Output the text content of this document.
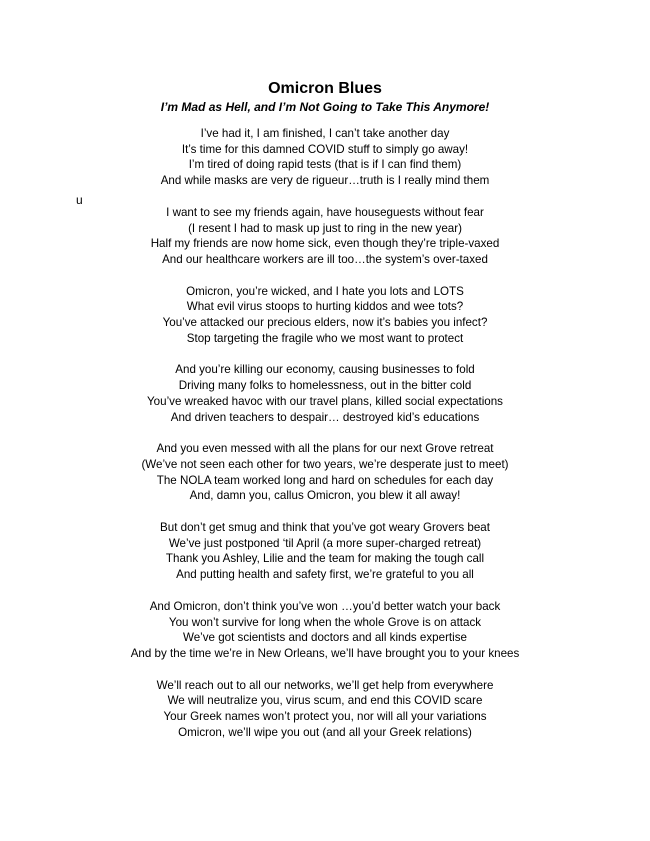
Omicron Blues
I’m Mad as Hell, and I’m Not Going to Take This Anymore!
u
I’ve had it, I am finished, I can’t take another day
It’s time for this damned COVID stuff to simply go away!
I’m tired of doing rapid tests (that is if I can find them)
And while masks are very de rigueur…truth is I really mind them
I want to see my friends again, have houseguests without fear
(I resent I had to mask up just to ring in the new year)
Half my friends are now home sick, even though they’re triple-vaxed
And our healthcare workers are ill too…the system’s over-taxed
Omicron, you’re wicked, and I hate you lots and LOTS
What evil virus stoops to hurting kiddos and wee tots?
You’ve attacked our precious elders, now it’s babies you infect?
Stop targeting the fragile who we most want to protect
And you’re killing our economy, causing businesses to fold
Driving many folks to homelessness, out in the bitter cold
You’ve wreaked havoc with our travel plans, killed social expectations
And driven teachers to despair… destroyed kid’s educations
And you even messed with all the plans for our next Grove retreat
(We’ve not seen each other for two years, we’re desperate just to meet)
The NOLA team worked long and hard on schedules for each day
And, damn you, callus Omicron, you blew it all away!
But don’t get smug and think that you’ve got weary Grovers beat
We’ve just postponed ‘til April (a more super-charged retreat)
Thank you Ashley, Lilie and the team for making the tough call
And putting health and safety first, we’re grateful to you all
And Omicron, don’t think you’ve won …you’d better watch your back
You won’t survive for long when the whole Grove is on attack
We’ve got scientists and doctors and all kinds expertise
And by the time we’re in New Orleans, we’ll have brought you to your knees
We’ll reach out to all our networks, we’ll get help from everywhere
We will neutralize you, virus scum, and end this COVID scare
Your Greek names won’t protect you, nor will all your variations
Omicron, we’ll wipe you out (and all your Greek relations)
